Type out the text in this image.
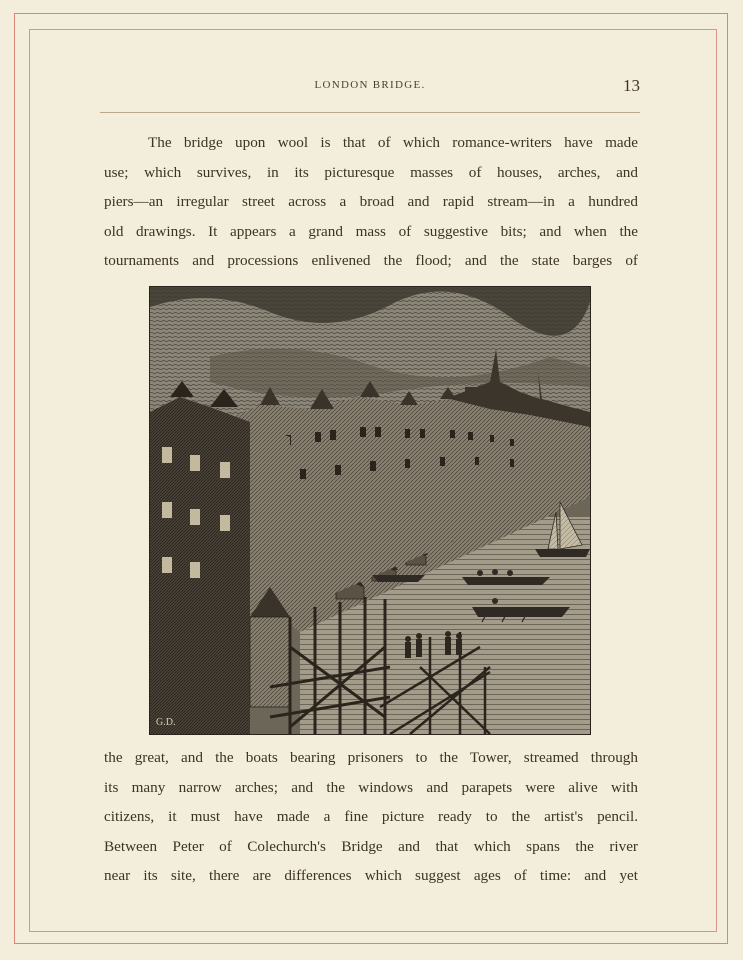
LONDON BRIDGE.	13
The bridge upon wool is that of which romance-writers have made
use; which survives, in its picturesque masses of houses, arches, and
piers—an irregular street across a broad and rapid stream—in a hundred
old drawings. It appears a grand mass of suggestive bits; and when the
tournaments and processions enlivened the flood; and the state barges of
G.D.
the great, and the boats bearing prisoners to the Tower, streamed through
its many narrow arches; and the windows and parapets were alive with
citizens, it must have made a fine picture ready to the artist's pencil.
Between Peter of Colechurch's Bridge and that which spans the river
near its site, there are differences which suggest ages of time: and yet
